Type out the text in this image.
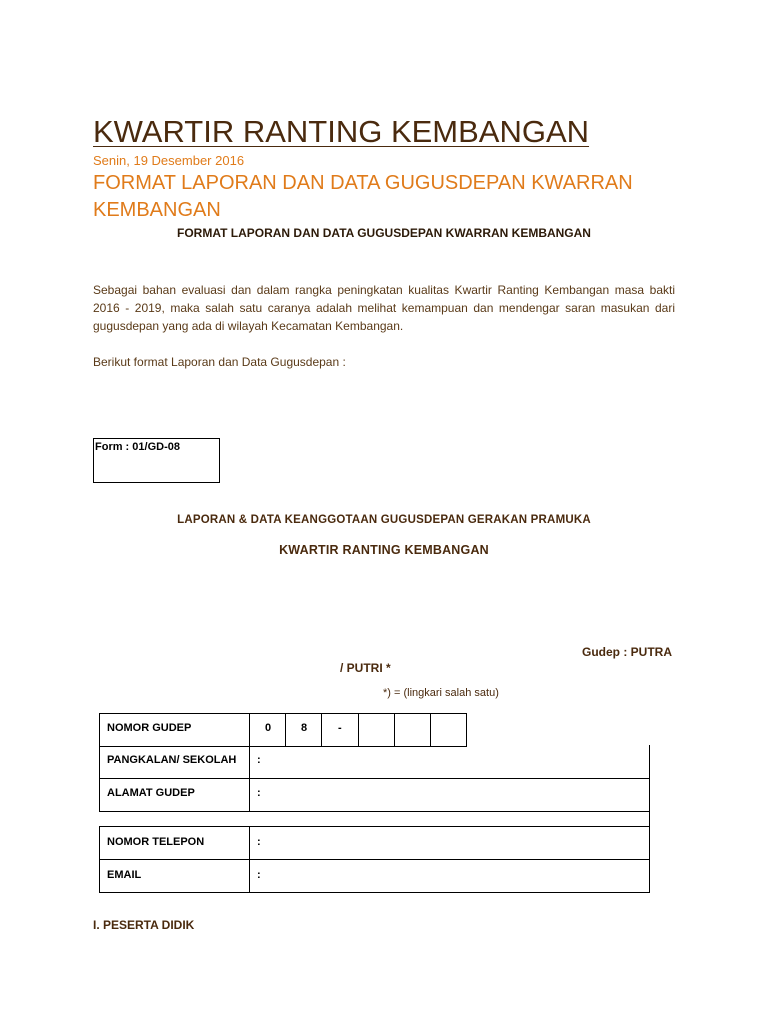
KWARTIR RANTING KEMBANGAN
Senin, 19 Desember 2016
FORMAT LAPORAN DAN DATA GUGUSDEPAN KWARRAN KEMBANGAN
FORMAT LAPORAN DAN DATA GUGUSDEPAN KWARRAN KEMBANGAN

Sebagai bahan evaluasi dan dalam rangka peningkatan kualitas Kwartir Ranting Kembangan masa bakti 2016 - 2019, maka salah satu caranya adalah melihat kemampuan dan mendengar saran masukan dari gugusdepan yang ada di wilayah Kecamatan Kembangan.

Berikut format Laporan dan Data Gugusdepan :
Form : 01/GD-08
LAPORAN & DATA KEANGGOTAAN GUGUSDEPAN GERAKAN PRAMUKA
KWARTIR RANTING KEMBANGAN
Gudep : PUTRA
/ PUTRI *
*) = (lingkari salah satu)
NOMOR GUDEP	0	8	-
PANGKALAN/ SEKOLAH :
ALAMAT GUDEP	:
NOMOR TELEPON	:
EMAIL	:
I. PESERTA DIDIK
